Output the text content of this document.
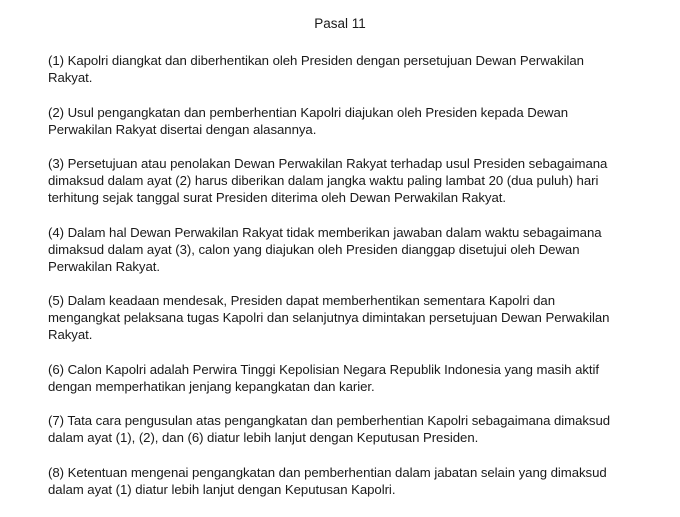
Pasal 11

(1) Kapolri diangkat dan diberhentikan oleh Presiden dengan persetujuan Dewan Perwakilan
Rakyat.

(2) Usul pengangkatan dan pemberhentian Kapolri diajukan oleh Presiden kepada Dewan
Perwakilan Rakyat disertai dengan alasannya.

(3) Persetujuan atau penolakan Dewan Perwakilan Rakyat terhadap usul Presiden sebagaimana
dimaksud dalam ayat (2) harus diberikan dalam jangka waktu paling lambat 20 (dua puluh) hari
terhitung sejak tanggal surat Presiden diterima oleh Dewan Perwakilan Rakyat.

(4) Dalam hal Dewan Perwakilan Rakyat tidak memberikan jawaban dalam waktu sebagaimana
dimaksud dalam ayat (3), calon yang diajukan oleh Presiden dianggap disetujui oleh Dewan
Perwakilan Rakyat.

(5) Dalam keadaan mendesak, Presiden dapat memberhentikan sementara Kapolri dan
mengangkat pelaksana tugas Kapolri dan selanjutnya dimintakan persetujuan Dewan Perwakilan
Rakyat.

(6) Calon Kapolri adalah Perwira Tinggi Kepolisian Negara Republik Indonesia yang masih aktif
dengan memperhatikan jenjang kepangkatan dan karier.

(7) Tata cara pengusulan atas pengangkatan dan pemberhentian Kapolri sebagaimana dimaksud
dalam ayat (1), (2), dan (6) diatur lebih lanjut dengan Keputusan Presiden.

(8) Ketentuan mengenai pengangkatan dan pemberhentian dalam jabatan selain yang dimaksud
dalam ayat (1) diatur lebih lanjut dengan Keputusan Kapolri.
